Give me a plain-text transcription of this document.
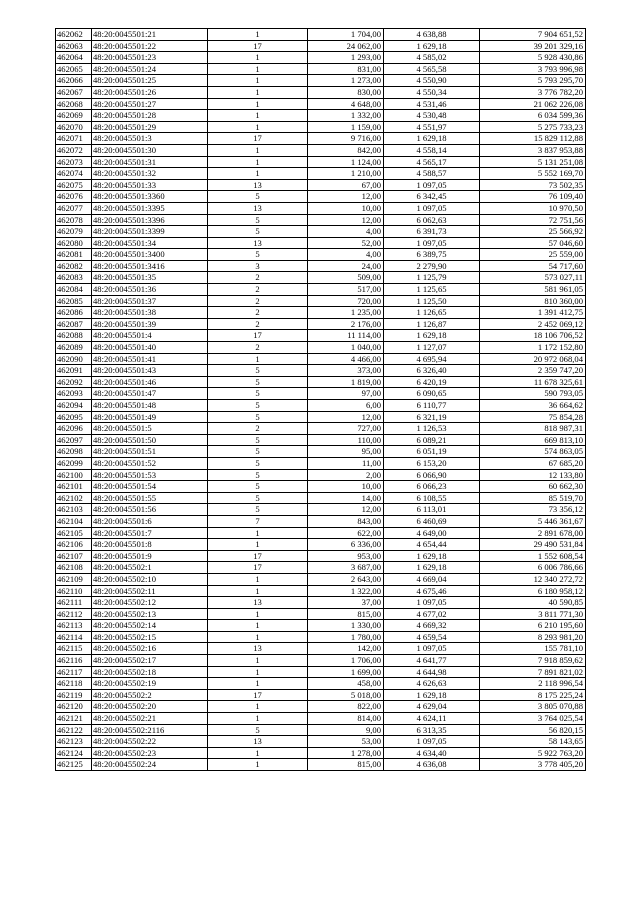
462062	48:20:0045501:21	1	1 704,00	4 638,88	7 904 651,52
462063	48:20:0045501:22	17	24 062,00	1 629,18	39 201 329,16
462064	48:20:0045501:23	1	1 293,00	4 585,02	5 928 430,86
462065	48:20:0045501:24	1	831,00	4 565,58	3 793 996,98
462066	48:20:0045501:25	1	1 273,00	4 550,90	5 793 295,70
462067	48:20:0045501:26	1	830,00	4 550,34	3 776 782,20
462068	48:20:0045501:27	1	4 648,00	4 531,46	21 062 226,08
462069	48:20:0045501:28	1	1 332,00	4 530,48	6 034 599,36
462070	48:20:0045501:29	1	1 159,00	4 551,97	5 275 733,23
462071	48:20:0045501:3	17	9 716,00	1 629,18	15 829 112,88
462072	48:20:0045501:30	1	842,00	4 558,14	3 837 953,88
462073	48:20:0045501:31	1	1 124,00	4 565,17	5 131 251,08
462074	48:20:0045501:32	1	1 210,00	4 588,57	5 552 169,70
462075	48:20:0045501:33	13	67,00	1 097,05	73 502,35
462076	48:20:0045501:3360	5	12,00	6 342,45	76 109,40
462077	48:20:0045501:3395	13	10,00	1 097,05	10 970,50
462078	48:20:0045501:3396	5	12,00	6 062,63	72 751,56
462079	48:20:0045501:3399	5	4,00	6 391,73	25 566,92
462080	48:20:0045501:34	13	52,00	1 097,05	57 046,60
462081	48:20:0045501:3400	5	4,00	6 389,75	25 559,00
462082	48:20:0045501:3416	3	24,00	2 279,90	54 717,60
462083	48:20:0045501:35	2	509,00	1 125,79	573 027,11
462084	48:20:0045501:36	2	517,00	1 125,65	581 961,05
462085	48:20:0045501:37	2	720,00	1 125,50	810 360,00
462086	48:20:0045501:38	2	1 235,00	1 126,65	1 391 412,75
462087	48:20:0045501:39	2	2 176,00	1 126,87	2 452 069,12
462088	48:20:0045501:4	17	11 114,00	1 629,18	18 106 706,52
462089	48:20:0045501:40	2	1 040,00	1 127,07	1 172 152,80
462090	48:20:0045501:41	1	4 466,00	4 695,94	20 972 068,04
462091	48:20:0045501:43	5	373,00	6 326,40	2 359 747,20
462092	48:20:0045501:46	5	1 819,00	6 420,19	11 678 325,61
462093	48:20:0045501:47	5	97,00	6 090,65	590 793,05
462094	48:20:0045501:48	5	6,00	6 110,77	36 664,62
462095	48:20:0045501:49	5	12,00	6 321,19	75 854,28
462096	48:20:0045501:5	2	727,00	1 126,53	818 987,31
462097	48:20:0045501:50	5	110,00	6 089,21	669 813,10
462098	48:20:0045501:51	5	95,00	6 051,19	574 863,05
462099	48:20:0045501:52	5	11,00	6 153,20	67 685,20
462100	48:20:0045501:53	5	2,00	6 066,90	12 133,80
462101	48:20:0045501:54	5	10,00	6 066,23	60 662,30
462102	48:20:0045501:55	5	14,00	6 108,55	85 519,70
462103	48:20:0045501:56	5	12,00	6 113,01	73 356,12
462104	48:20:0045501:6	7	843,00	6 460,69	5 446 361,67
462105	48:20:0045501:7	1	622,00	4 649,00	2 891 678,00
462106	48:20:0045501:8	1	6 336,00	4 654,44	29 490 531,84
462107	48:20:0045501:9	17	953,00	1 629,18	1 552 608,54
462108	48:20:0045502:1	17	3 687,00	1 629,18	6 006 786,66
462109	48:20:0045502:10	1	2 643,00	4 669,04	12 340 272,72
462110	48:20:0045502:11	1	1 322,00	4 675,46	6 180 958,12
462111	48:20:0045502:12	13	37,00	1 097,05	40 590,85
462112	48:20:0045502:13	1	815,00	4 677,02	3 811 771,30
462113	48:20:0045502:14	1	1 330,00	4 669,32	6 210 195,60
462114	48:20:0045502:15	1	1 780,00	4 659,54	8 293 981,20
462115	48:20:0045502:16	13	142,00	1 097,05	155 781,10
462116	48:20:0045502:17	1	1 706,00	4 641,77	7 918 859,62
462117	48:20:0045502:18	1	1 699,00	4 644,98	7 891 821,02
462118	48:20:0045502:19	1	458,00	4 626,63	2 118 996,54
462119	48:20:0045502:2	17	5 018,00	1 629,18	8 175 225,24
462120	48:20:0045502:20	1	822,00	4 629,04	3 805 070,88
462121	48:20:0045502:21	1	814,00	4 624,11	3 764 025,54
462122	48:20:0045502:2116	5	9,00	6 313,35	56 820,15
462123	48:20:0045502:22	13	53,00	1 097,05	58 143,65
462124	48:20:0045502:23	1	1 278,00	4 634,40	5 922 763,20
462125	48:20:0045502:24	1	815,00	4 636,08	3 778 405,20
